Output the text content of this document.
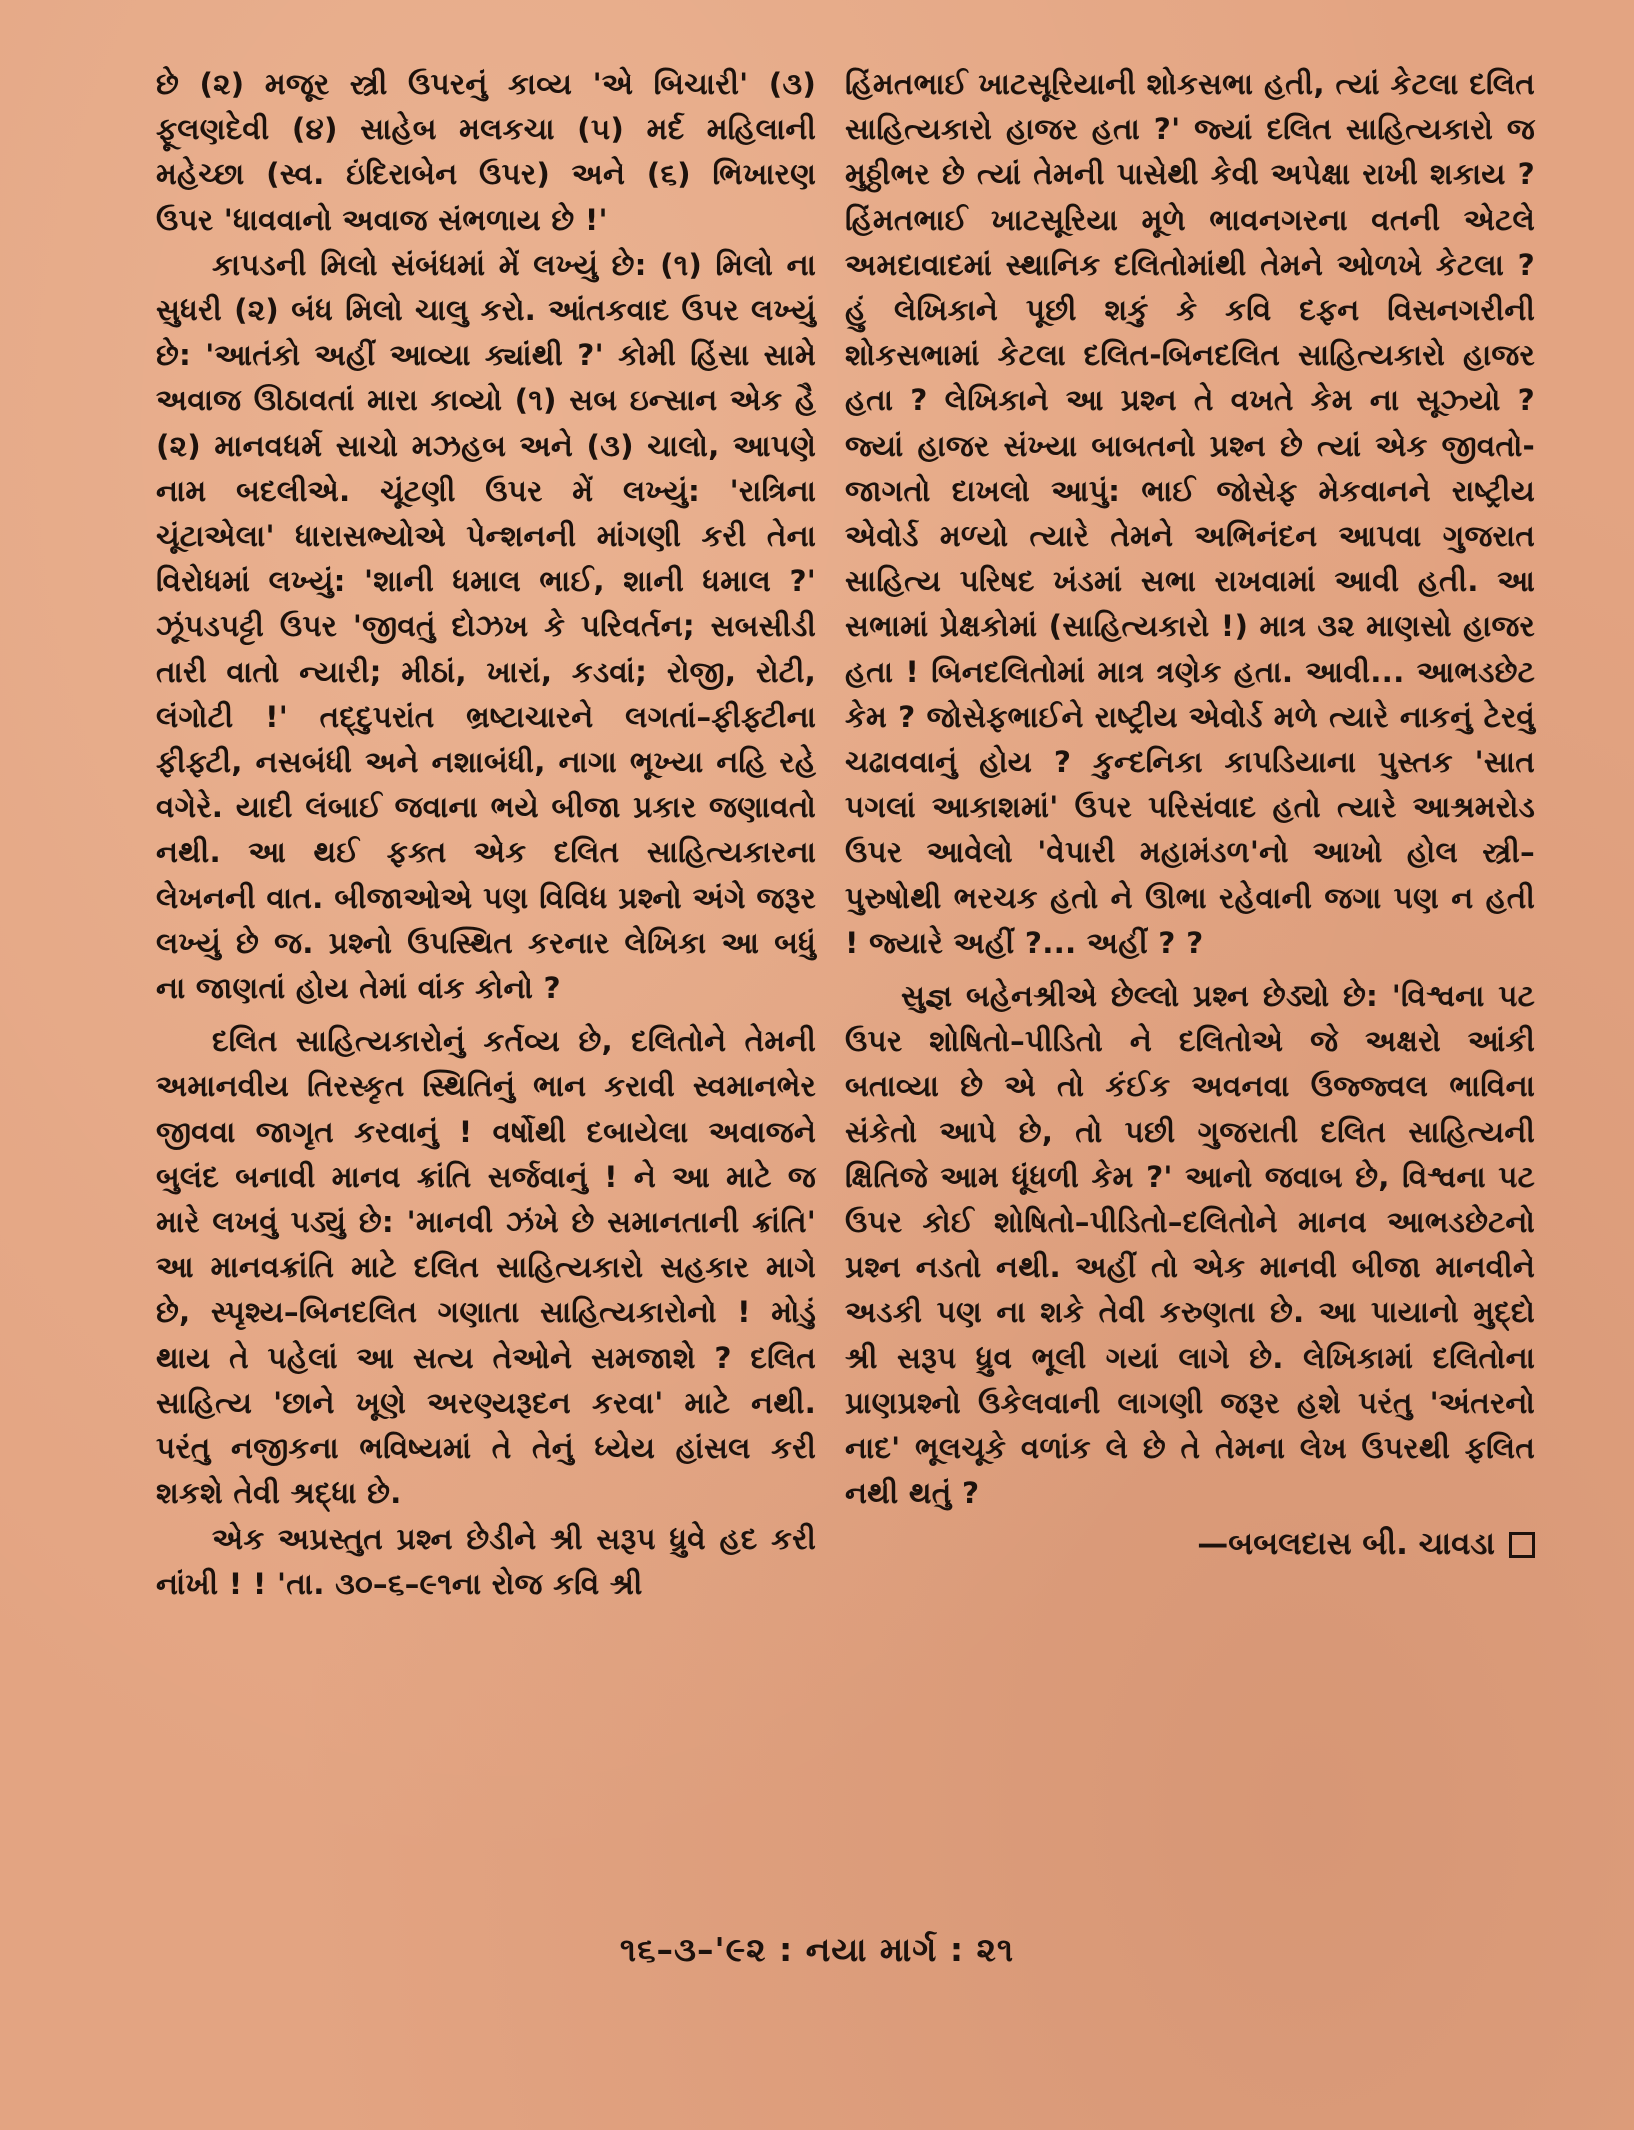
છે (૨) મજૂર સ્ત્રી ઉપરનું કાવ્ય 'એ બિચારી' (૩) ફૂલણદેવી (૪) સાહેબ મલકચા (૫) મર્દ મહિલાની મહેચ્છા (સ્વ. ઇંદિરાબેન ઉપર) અને (૬) ભિખારણ ઉપર 'ધાવવાનો અવાજ સંભળાય છે !'

કાપડની મિલો સંબંધમાં મેં લખ્યું છે: (૧) મિલો ના સુધરી (૨) બંધ મિલો ચાલુ કરો. આંતકવાદ ઉપર લખ્યું છે: 'આતંકો અહીં આવ્યા ક્યાંથી ?' કોમી હિંસા સામે અવાજ ઊઠાવતાં મારા કાવ્યો (૧) સબ ઇન્સાન એક હૈ (૨) માનવધર્મ સાચો મઝહબ અને (૩) ચાલો, આપણે નામ બદલીએ. ચૂંટણી ઉપર મેં લખ્યું: 'રાત્રિના ચૂંટાએલા' ધારાસભ્યોએ પેન્શનની માંગણી કરી તેના વિરોધમાં લખ્યું: 'શાની ધમાલ ભાઈ, શાની ધમાલ ?' ઝૂંપડપટ્ટી ઉપર 'જીવતું દોઝખ કે પરિવર્તન; સબસીડી તારી વાતો ન્યારી; મીઠાં, ખારાં, કડવાં; રોજી, રોટી, લંગોટી !' તદ્દુપરાંત ભ્રષ્ટાચારને લગતાં–ફીફ્ટીના ફીફ્ટી, નસબંધી અને નશાબંધી, નાગા ભૂખ્યા નહિ રહે વગેરે. યાદી લંબાઈ જવાના ભયે બીજા પ્રકાર જણાવતો નથી. આ થઈ ફક્ત એક દલિત સાહિત્યકારના લેખનની વાત. બીજાઓએ પણ વિવિધ પ્રશ્નો અંગે જરૂર લખ્યું છે જ. પ્રશ્નો ઉપસ્થિત કરનાર લેખિકા આ બધું ના જાણતાં હોય તેમાં વાંક કોનો ?

દલિત સાહિત્યકારોનું કર્તવ્ય છે, દલિતોને તેમની અમાનવીય તિરસ્કૃત સ્થિતિનું ભાન કરાવી સ્વમાનભેર જીવવા જાગૃત કરવાનું ! વર્ષોથી દબાયેલા અવાજને બુલંદ બનાવી માનવ ક્રાંતિ સર્જવાનું ! ને આ માટે જ મારે લખવું પડ્યું છે: 'માનવી ઝંખે છે સમાનતાની ક્રાંતિ' આ માનવક્રાંતિ માટે દલિત સાહિત્યકારો સહકાર માગે છે, સ્પૃશ્ય–બિનદલિત ગણાતા સાહિત્યકારોનો ! મોડું થાય તે પહેલાં આ સત્ય તેઓને સમજાશે ? દલિત સાહિત્ય 'છાને ખૂણે અરણ્યરૂદન કરવા' માટે નથી. પરંતુ નજીકના ભવિષ્યમાં તે તેનું ધ્યેય હાંસલ કરી શકશે તેવી શ્રદ્ધા છે.

એક અપ્રસ્તુત પ્રશ્ન છેડીને શ્રી સરૂપ ધ્રુવે હદ કરી નાંખી ! ! 'તા. ૩૦–૬–૯૧ના રોજ કવિ શ્રી

હિંમતભાઈ ખાટસૂરિયાની શોકસભા હતી, ત્યાં કેટલા દલિત સાહિત્યકારો હાજર હતા ?' જ્યાં દલિત સાહિત્યકારો જ મુઠ્ઠીભર છે ત્યાં તેમની પાસેથી કેવી અપેક્ષા રાખી શકાય ? હિંમતભાઈ ખાટસૂરિયા મૂળે ભાવનગરના વતની એટલે અમદાવાદમાં સ્થાનિક દલિતોમાંથી તેમને ઓળખે કેટલા ? હું લેખિકાને પૂછી શકું કે કવિ દફન વિસનગરીની શોકસભામાં કેટલા દલિત-બિનદલિત સાહિત્યકારો હાજર હતા ? લેખિકાને આ પ્રશ્ન તે વખતે કેમ ના સૂઝ્યો ? જ્યાં હાજર સંખ્યા બાબતનો પ્રશ્ન છે ત્યાં એક જીવતો-જાગતો દાખલો આપું: ભાઈ જોસેફ મેકવાનને રાષ્ટ્રીય એવોર્ડ મળ્યો ત્યારે તેમને અભિનંદન આપવા ગુજરાત સાહિત્ય પરિષદ ખંડમાં સભા રાખવામાં આવી હતી. આ સભામાં પ્રેક્ષકોમાં (સાહિત્યકારો !) માત્ર ૩૨ માણસો હાજર હતા ! બિનદલિતોમાં માત્ર ત્રણેક હતા. આવી... આભડછેટ કેમ ? જોસેફભાઈને રાષ્ટ્રીય એવોર્ડ મળે ત્યારે નાકનું ટેરવું ચઢાવવાનું હોય ? કુન્દનિકા કાપડિયાના પુસ્તક 'સાત પગલાં આકાશમાં' ઉપર પરિસંવાદ હતો ત્યારે આશ્રમરોડ ઉપર આવેલો 'વેપારી મહામંડળ'નો આખો હોલ સ્ત્રી–પુરુષોથી ભરચક હતો ને ઊભા રહેવાની જગા પણ ન હતી ! જ્યારે અહીં ?... અહીં ? ?

સુજ્ઞ બહેનશ્રીએ છેલ્લો પ્રશ્ન છેડ્યો છે: 'વિશ્વના પટ ઉપર શોષિતો–પીડિતો ને દલિતોએ જે અક્ષરો આંકી બતાવ્યા છે એ તો કંઈક અવનવા ઉજ્જ્વલ ભાવિના સંકેતો આપે છે, તો પછી ગુજરાતી દલિત સાહિત્યની ક્ષિતિજે આમ ધૂંધળી કેમ ?' આનો જવાબ છે, વિશ્વના પટ ઉપર કોઈ શોષિતો–પીડિતો–દલિતોને માનવ આભડછેટનો પ્રશ્ન નડતો નથી. અહીં તો એક માનવી બીજા માનવીને અડકી પણ ના શકે તેવી કરુણતા છે. આ પાયાનો મુદ્દો શ્રી સરૂપ ધ્રુવ ભૂલી ગયાં લાગે છે. લેખિકામાં દલિતોના પ્રાણપ્રશ્નો ઉકેલવાની લાગણી જરૂર હશે પરંતુ 'અંતરનો નાદ' ભૂલચૂકે વળાંક લે છે તે તેમના લેખ ઉપરથી ફલિત નથી થતું ?

—બબલદાસ બી. ચાવડા
૧૬–૩–'૯૨ : નયા માર્ગ : ૨૧
